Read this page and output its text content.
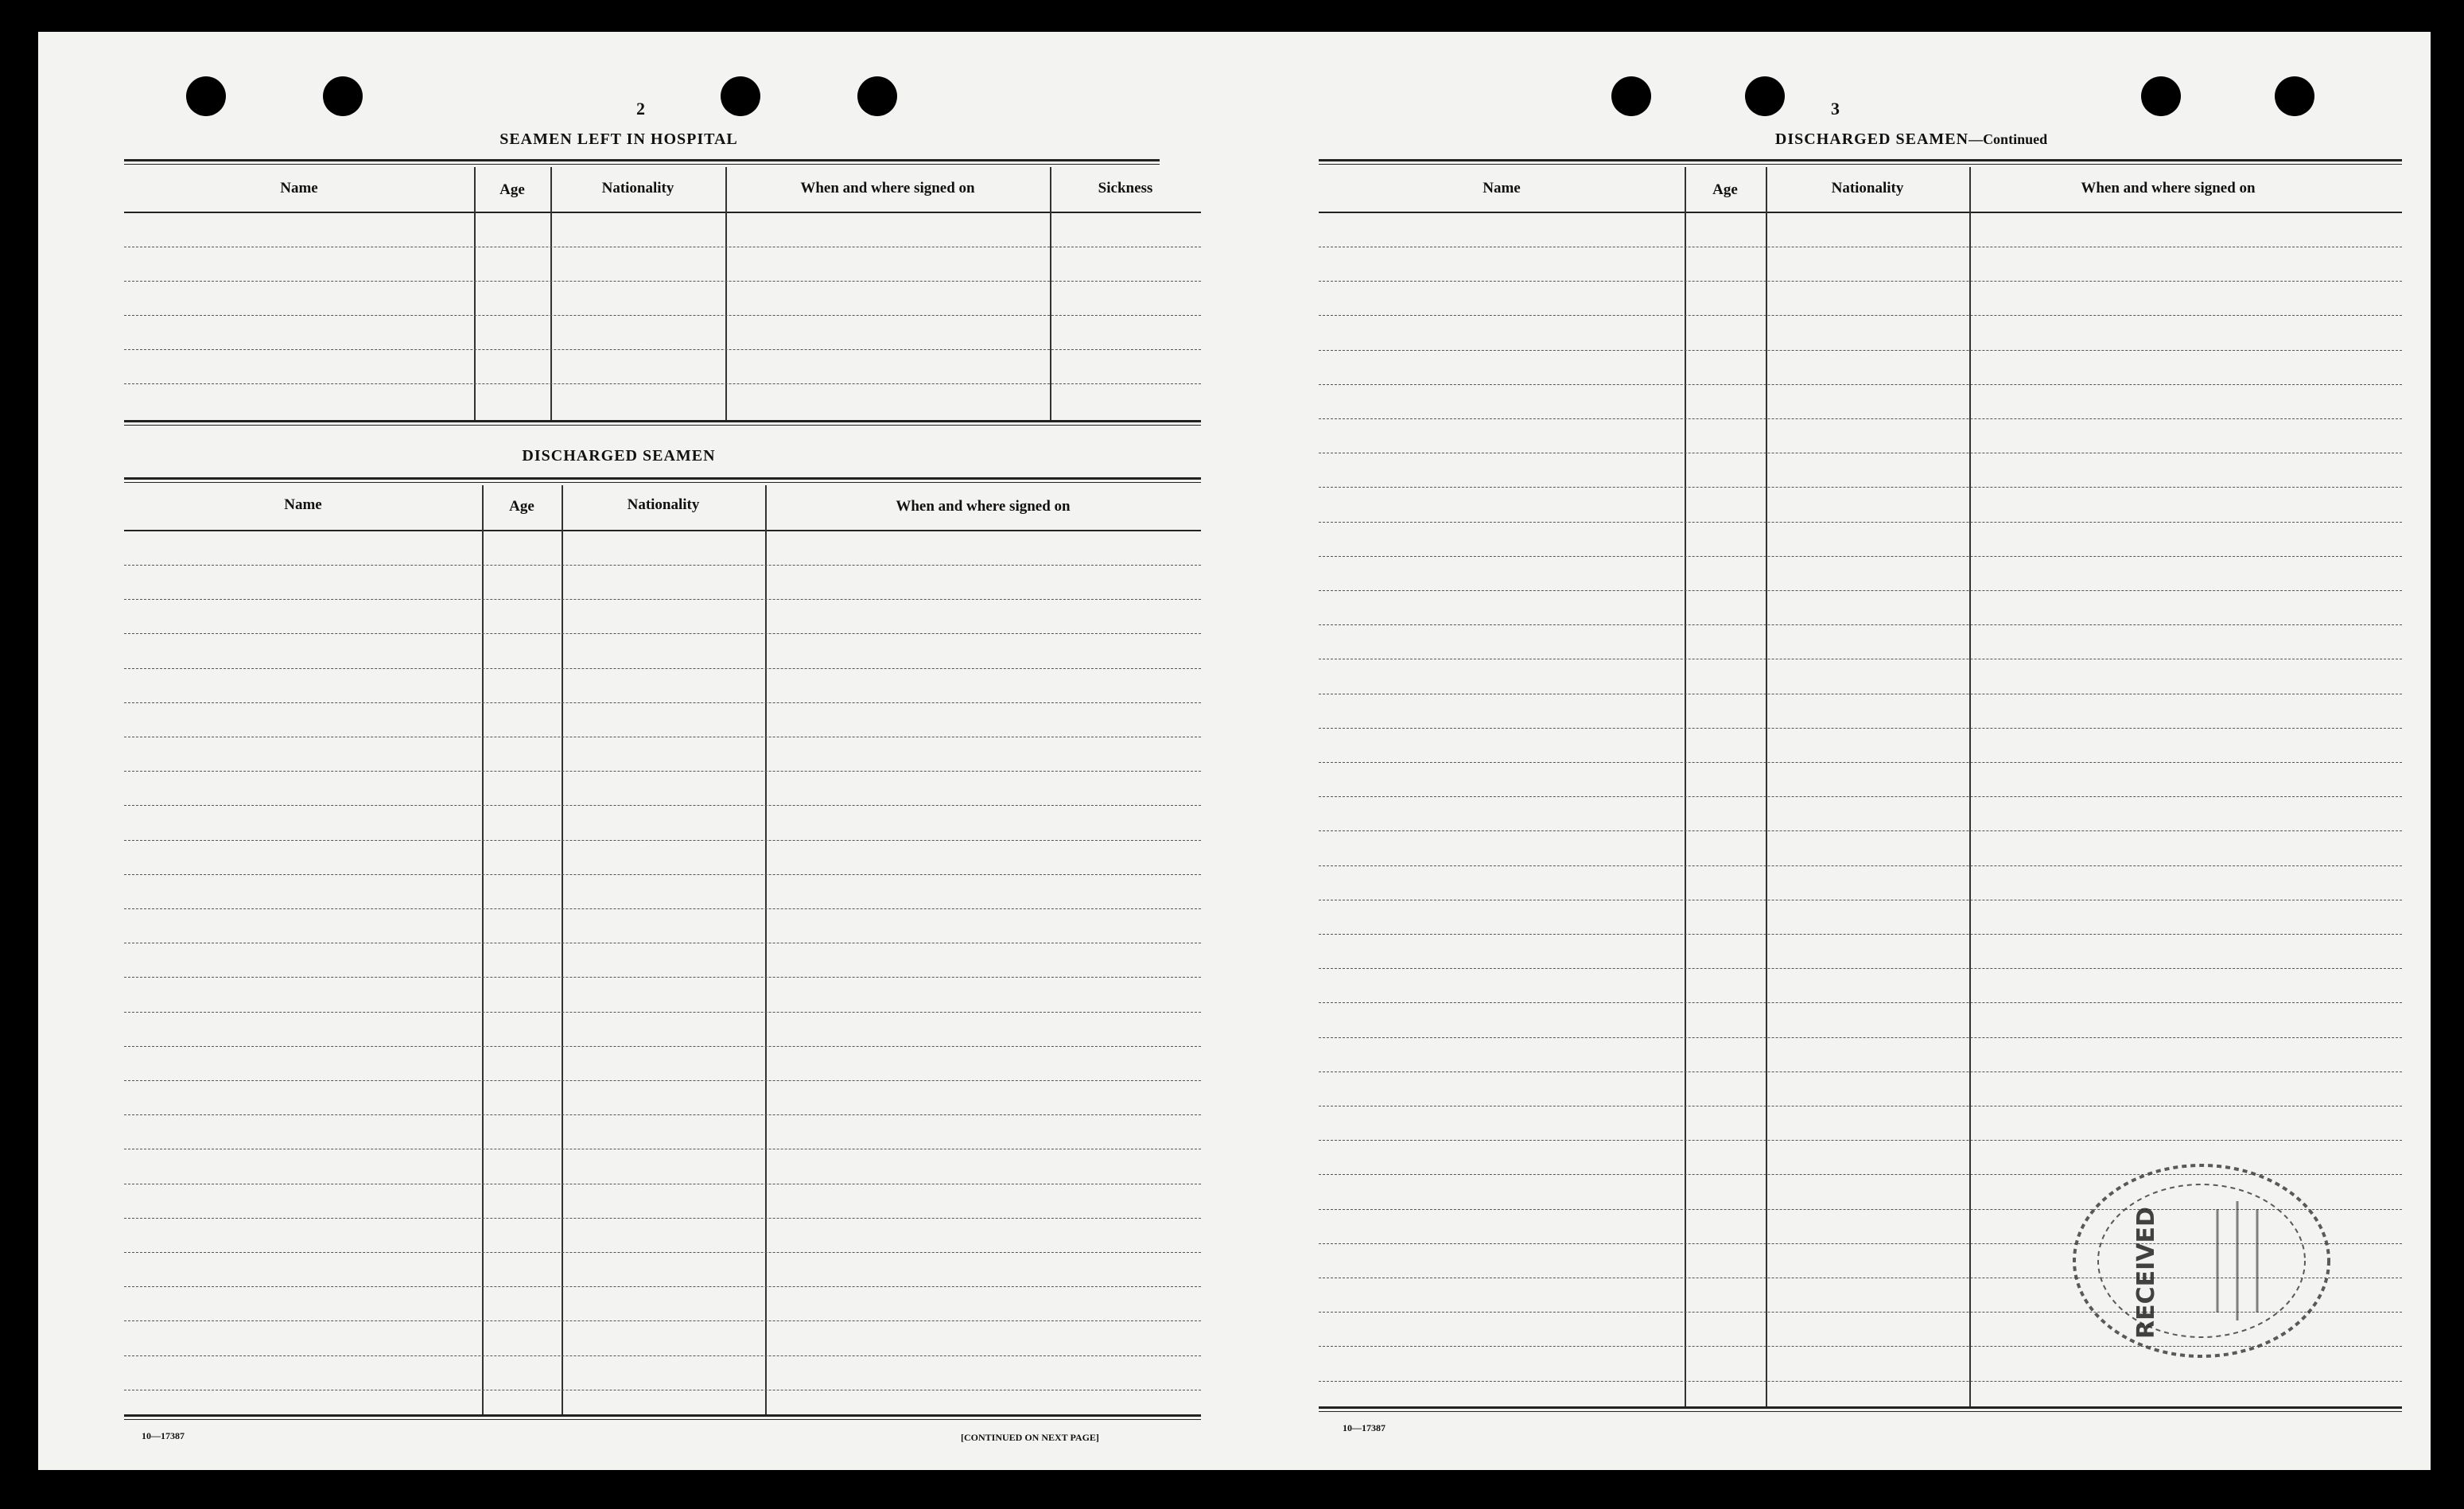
2
SEAMEN LEFT IN HOSPITAL
Name	Age	Nationality	When and where signed on	Sickness
DISCHARGED SEAMEN
Name	Age	Nationality	When and where signed on
10—17387	[CONTINUED ON NEXT PAGE]
3
DISCHARGED SEAMEN—Continued
Name	Age	Nationality	When and where signed on
10—17387
RECEIVED
